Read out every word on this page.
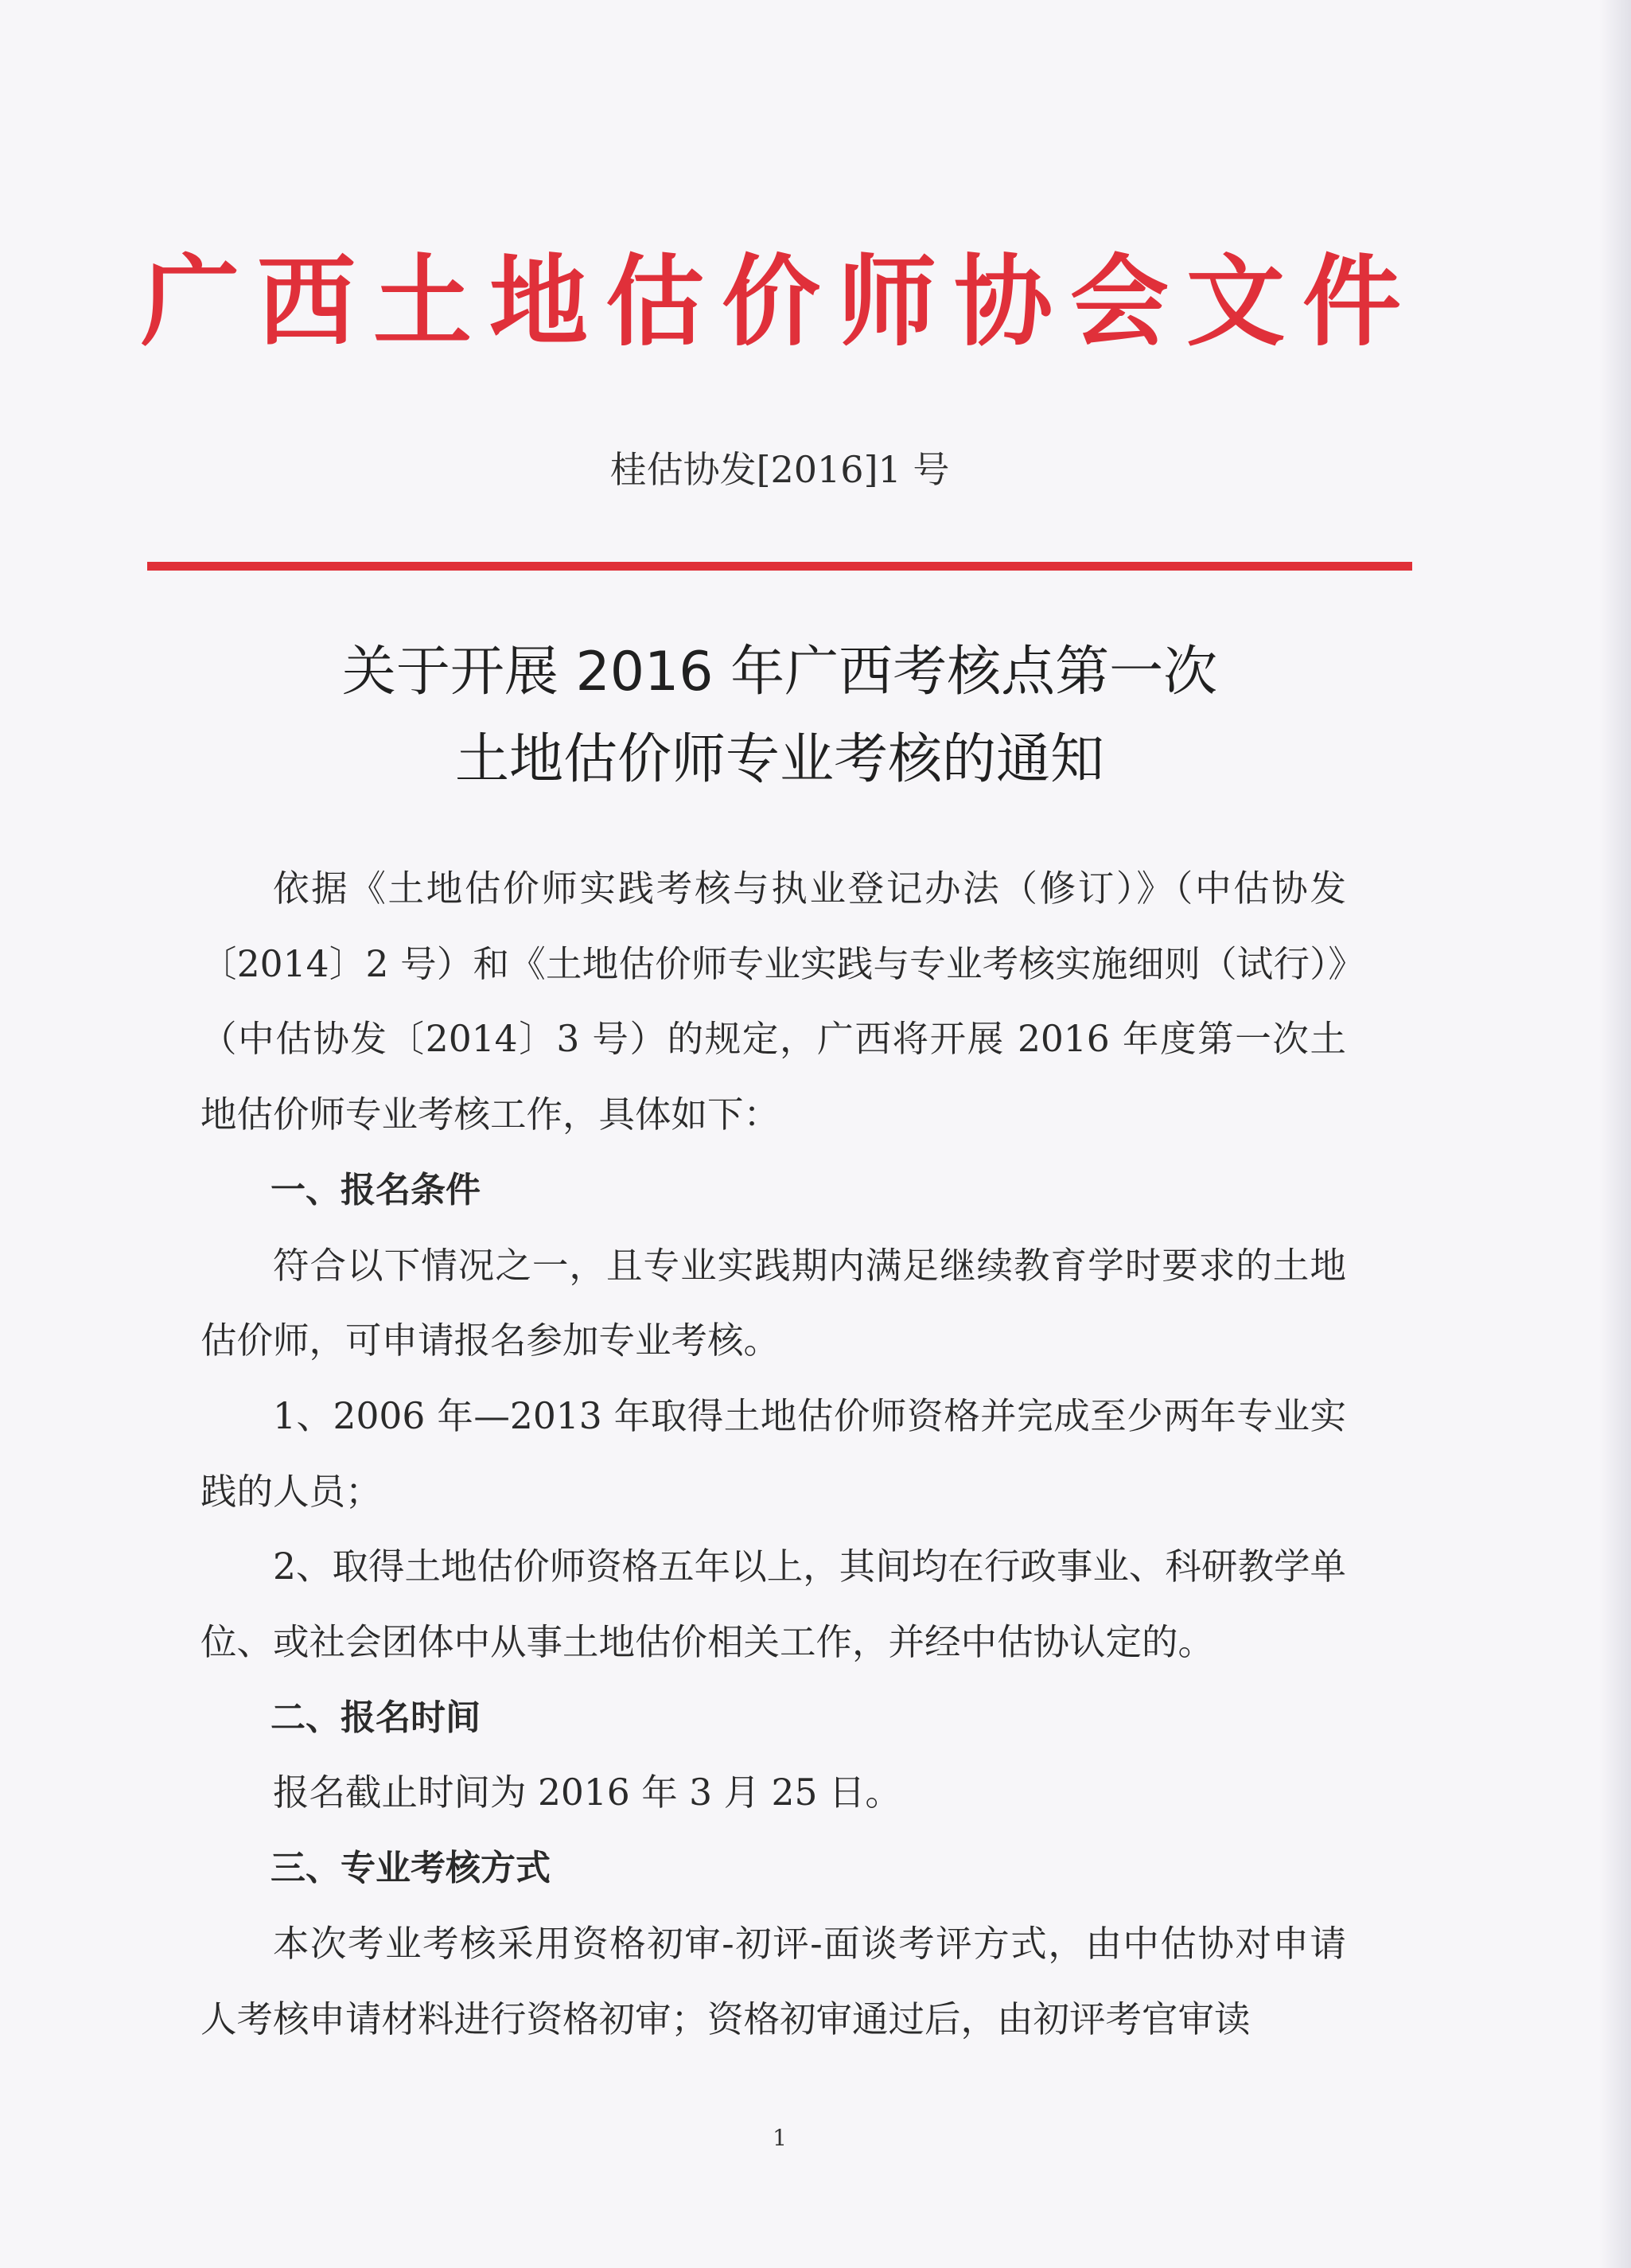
广西土地估价师协会文件
桂估协发[2016]1 号
关于开展 2016 年广西考核点第一次
土地估价师专业考核的通知

依据《土地估价师实践考核与执业登记办法（修订）》（中估协发〔2014〕2 号）和《土地估价师专业实践与专业考核实施细则（试行）》（中估协发〔2014〕3 号）的规定，广西将开展 2016 年度第一次土地估价师专业考核工作，具体如下：

一、报名条件

符合以下情况之一，且专业实践期内满足继续教育学时要求的土地估价师，可申请报名参加专业考核。

1、2006 年—2013 年取得土地估价师资格并完成至少两年专业实践的人员；

2、取得土地估价师资格五年以上，其间均在行政事业、科研教学单位、或社会团体中从事土地估价相关工作，并经中估协认定的。

二、报名时间

报名截止时间为 2016 年 3 月 25 日。

三、专业考核方式

本次考业考核采用资格初审-初评-面谈考评方式，由中估协对申请人考核申请材料进行资格初审；资格初审通过后，由初评考官审读

1
